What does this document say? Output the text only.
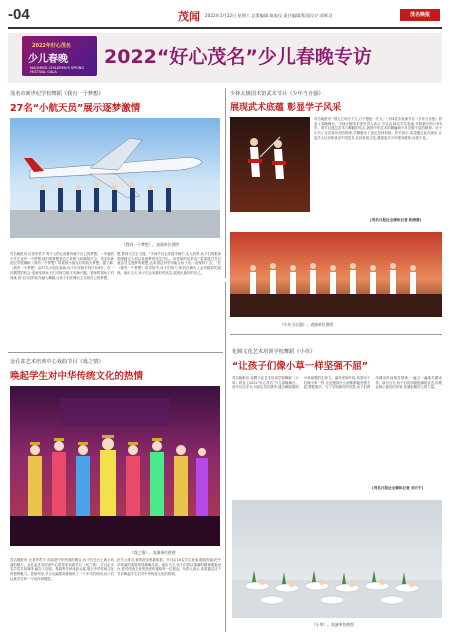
-04	茂闻 2022年1月22日 星期六 总策编辑:陈家仪 责任编辑/版面设计:莫晖羽	茂名晚报
2022年好心茂名
少儿春晚
MAOMING CHILDREN'S SPRING FESTIVAL GALA
2022“好心茂名”少儿春晚专访
茂名市新世纪学校舞蹈《我有一个梦想》
27名“小航天员”展示逐梦激情
《我有一个梦想》。表演单位供图
茂名晚报讯 记者李君平 每个人的心底都有属于自己的梦想。一年级的小学生也有一个梦想,他们的梦想是自己驾驶飞机翱翔天空。茂名市新世纪学校舞蹈《我有一个梦想》将展现小朋友们的航天梦想。据了解,《我有一个梦想》由27名小朋友表演,孩子们年龄平均只有6岁。在一次偶然的机会,老师发现孩子们对航空航天充满兴趣。老师带领孩子们训练,将飞行员的动作融入舞蹈,让孩子们在舞台上实现自己的梦想。
想,要到天空去飞翔。”中间节目会穿插半响午,无人机等,孩子们的眼神将跟随无人机以及逐梦的坚定决心。用老师的话来说,“希望通过节目表达学生逐梦的理想,也希望这份坚持能让孩子们一直保持下去。”在《我有一个梦想》的学校中,孩子们努力,相信在舞台上会有精彩的表现。演出当天,孩子们会用最好的状态,展现出最好的自己。
少林太极国术馆武术节目《少年当自强》
展现武术底蕴 彰显学子风采
茂名晚报讯 “国无立场无子立,日子想起一片天。”少林武术表演节目《少年当自强》将登上春晚舞台。少林太极国术馆负责人表示,节目由18名学员表演,年龄最小的只有5岁。该节目通过武术与舞蹈的结合,展现中华武术的精髓和少年自强不息的精神。孩子们为了这次演出刻苦排练,手脚磨出了茧也坚持训练。馆长表示,希望通过此次演出,让更多人认识和喜爱中国武术,弘扬传统文化,激励更多少年强身健体,自强不息。
(茂名日报社全媒体记者 和清蓉)
《少年当自强》。表演单位供图
金孔雀艺术培训中心戏曲节目《戏之情》
唤起学生对中华传统文化的热情
《戏之情》。表演单位供图
茂名晚报讯 记者李君平 戏曲是中华民族的瑰宝,孩子们在台上展示戏曲的魅力。金孔雀艺术培训中心将带来戏曲节目《戏之情》,节目由多名学员共同演绎,融合了京剧、粤剧等多种戏曲元素,展示中华传统文化的独特魅力。老师介绍,节目从编排到排练用了一个多月的时间,孩子们认真学习每一个动作和唱腔。
拍节上练习,谁的进步都最明显。节目由16名学生表演,服装绚丽,把中华戏曲的美展现得淋漓尽致。演出当天,孩子们将以饱满的精神面貌登台,把对传统文化的热爱传递给每一位观众。负责人表示,希望通过这个节目唤起学生们对中华传统文化的热情。
化腾文化艺术培训学校舞蹈《小草》
“让孩子们像小草一样坚强不屈”
茂名晚报讯 化腾文化艺术培训学校舞蹈《小草》将登上2022“好心茂名”少儿春晚舞台。该节目由多名小朋友共同演绎,通过舞蹈展现小草顽强的生命力。编导老师介绍,希望孩子们像小草一样,无论遇到什么困难都能坚强不屈,勇敢面对。为了呈现最好的效果,孩子们利用课余时间刻苦排练,一遍又一遍地打磨动作。演出当天,孩子们将用最饱满的状态,向观众展示他们的风采,传递积极向上的力量。
(茂名日报社全媒体记者 刘方宇)
《小草》。表演单位供图
